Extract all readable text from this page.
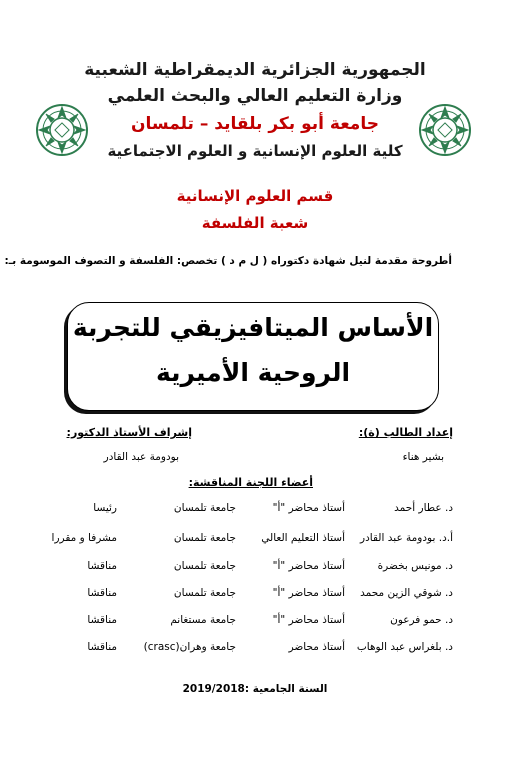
الجمهورية الجزائرية الديمقراطية الشعبية
وزارة التعليم العالي والبحث العلمي
جامعة أبو بكر بلقايد – تلمسان
كلية العلوم الإنسانية و العلوم الاجتماعية
قسم العلوم الإنسانية
شعبة الفلسفة
أطروحة مقدمة لنيل شهادة دكتوراه ( ل م د ) تخصص: الفلسفة و التصوف الموسومة بـ:
الأساس الميتافيزيقي للتجربة
الروحية الأميرية
إعداد الطالب (ة):
إشراف الأستاذ الدكتور:
بشير هناء
بودومة عبد القادر
أعضاء اللجنة المناقشة:
د. عطار أحمد
أستاذ محاضر "أ"
جامعة تلمسان
رئيسا
أ.د. بودومة عبد القادر
أستاذ التعليم العالي
جامعة تلمسان
مشرفا و مقررا
د. مونيس بخضرة
أستاذ محاضر "أ"
جامعة تلمسان
مناقشا
د. شوقي الزين محمد
أستاذ محاضر "أ"
جامعة تلمسان
مناقشا
د. حمو فرعون
أستاذ محاضر "أ"
جامعة مستغانم
مناقشا
د. بلغراس عبد الوهاب
أستاذ محاضر
جامعة وهران(crasc)
مناقشا
السنة الجامعية :2019/2018
